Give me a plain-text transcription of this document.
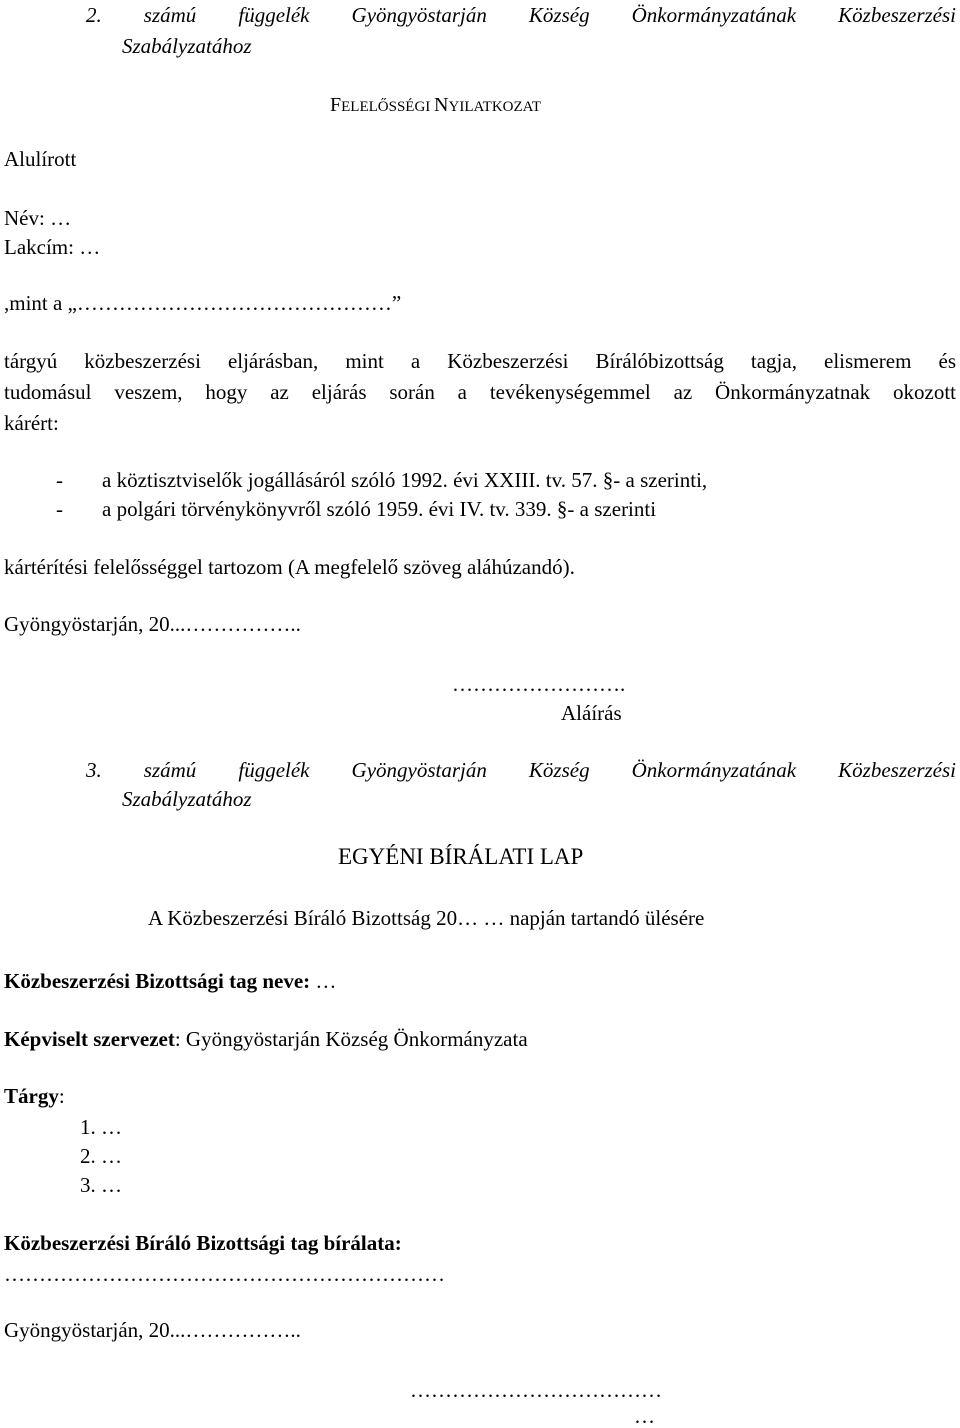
2. számú függelék Gyöngyöstarján Község Önkormányzatának Közbeszerzési
Szabályzatához
FELELŐSSÉGI NYILATKOZAT
Alulírott
Név: …
Lakcím: …
,mint a „………………………………………”
tárgyú közbeszerzési eljárásban, mint a Közbeszerzési Bírálóbizottság tagja, elismerem és
tudomásul veszem, hogy az eljárás során a tevékenységemmel az Önkormányzatnak okozott
kárért:
- a köztisztviselők jogállásáról szóló 1992. évi XXIII. tv. 57. §- a szerinti,
- a polgári törvénykönyvről szóló 1959. évi IV. tv. 339. §- a szerinti
kártérítési felelősséggel tartozom (A megfelelő szöveg aláhúzandó).
Gyöngyöstarján, 20...……………..
…………………….
Aláírás
3. számú függelék Gyöngyöstarján Község Önkormányzatának Közbeszerzési
Szabályzatához
EGYÉNI BÍRÁLATI LAP
A Közbeszerzési Bíráló Bizottság 20… … napján tartandó ülésére
Közbeszerzési Bizottsági tag neve: …
Képviselt szervezet: Gyöngyöstarján Község Önkormányzata
Tárgy:
1. …
2. …
3. …
Közbeszerzési Bíráló Bizottsági tag bírálata:
………………………………………………………
Gyöngyöstarján, 20...……………..
………………………………
…
